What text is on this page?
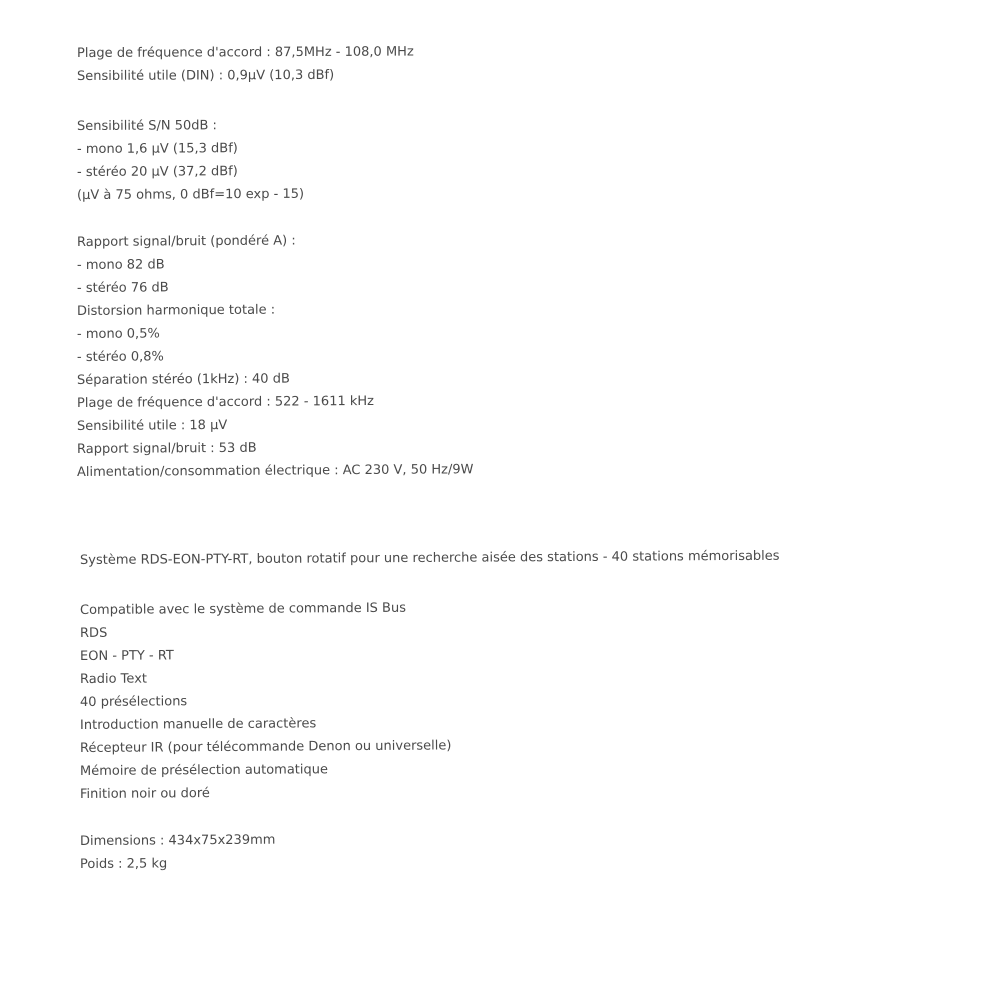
Plage de fréquence d'accord : 87,5MHz - 108,0 MHz
Sensibilité utile (DIN) : 0,9µV (10,3 dBf)
Sensibilité S/N 50dB :
- mono 1,6 µV (15,3 dBf)
- stéréo 20 µV (37,2 dBf)
(µV à 75 ohms, 0 dBf=10 exp - 15)
Rapport signal/bruit (pondéré A) :
- mono 82 dB
- stéréo 76 dB
Distorsion harmonique totale :
- mono 0,5%
- stéréo 0,8%
Séparation stéréo (1kHz) : 40 dB
Plage de fréquence d'accord : 522 - 1611 kHz
Sensibilité utile : 18 µV
Rapport signal/bruit : 53 dB
Alimentation/consommation électrique : AC 230 V, 50 Hz/9W
Système RDS-EON-PTY-RT, bouton rotatif pour une recherche aisée des stations - 40 stations mémorisables
Compatible avec le système de commande IS Bus
RDS
EON - PTY - RT
Radio Text
40 présélections
Introduction manuelle de caractères
Récepteur IR (pour télécommande Denon ou universelle)
Mémoire de présélection automatique
Finition noir ou doré
Dimensions : 434x75x239mm
Poids : 2,5 kg
